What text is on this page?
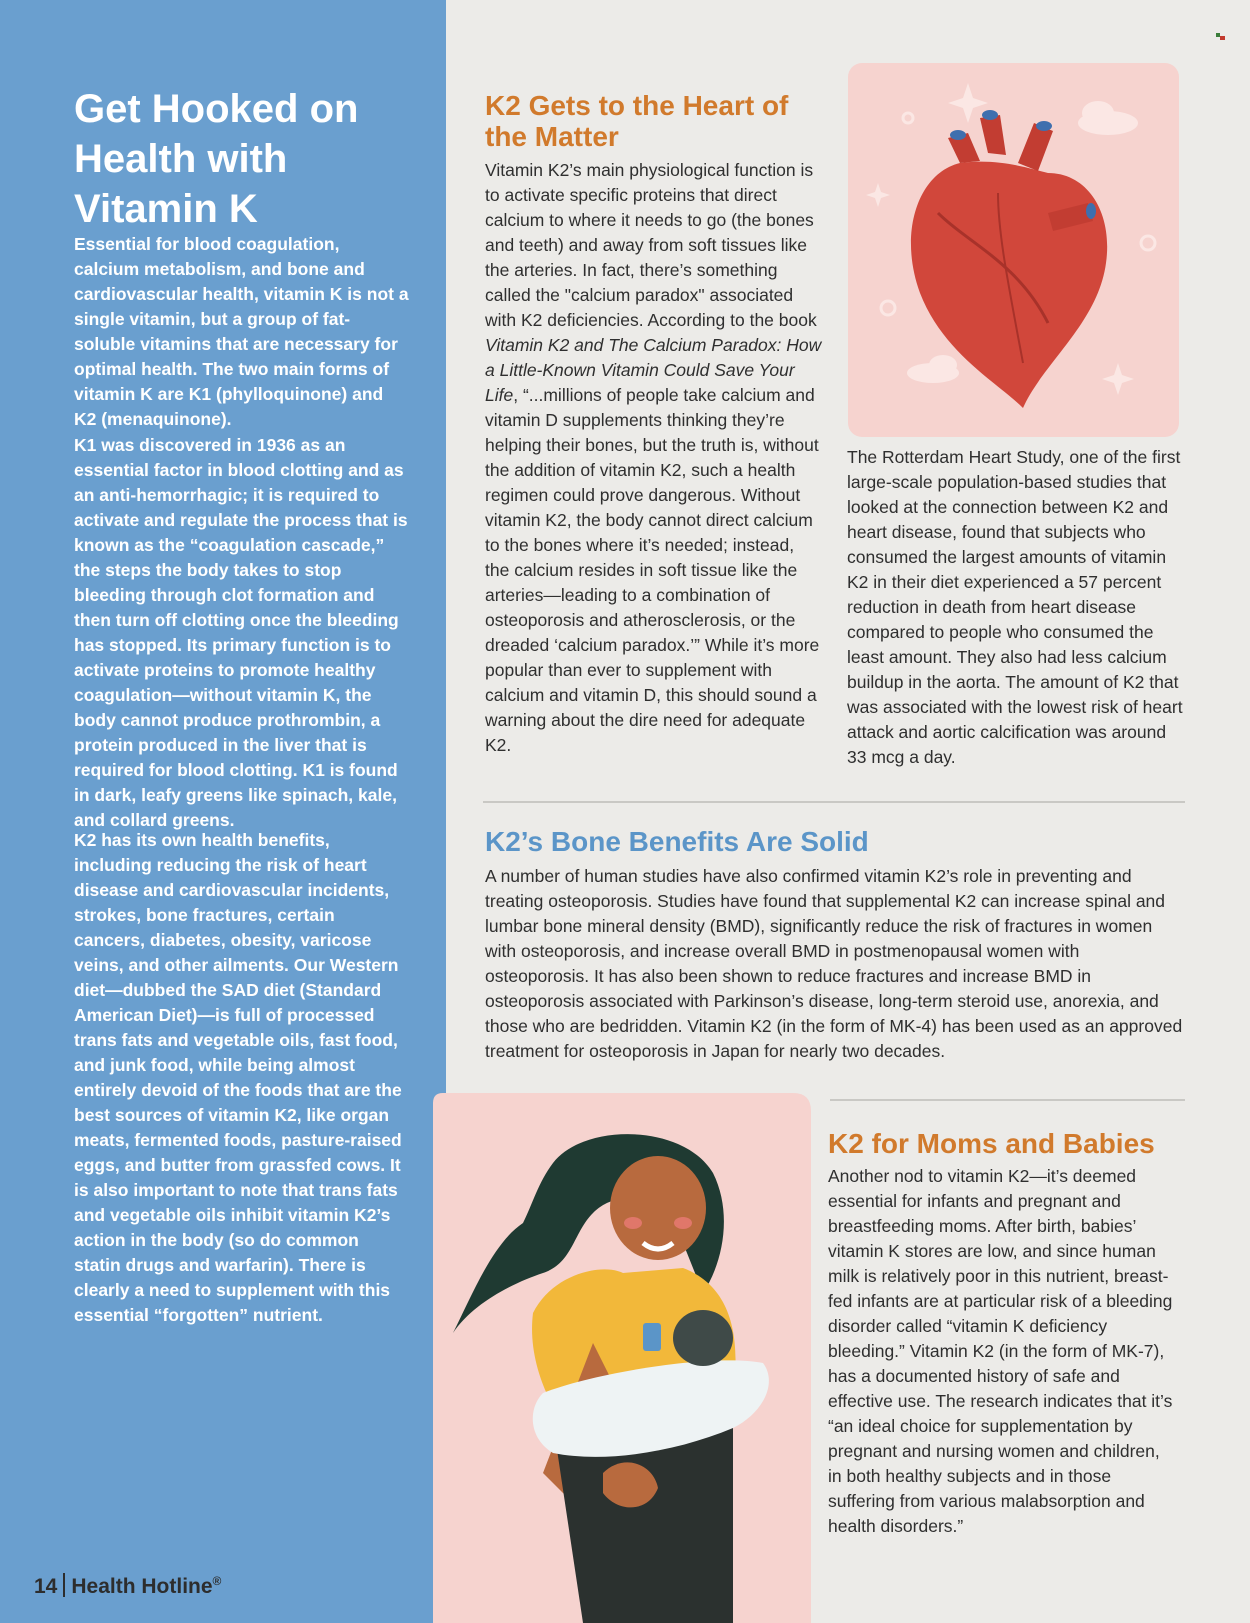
Get Hooked on Health with Vitamin K

Essential for blood coagulation, calcium metabolism, and bone and cardiovascular health, vitamin K is not a single vitamin, but a group of fat-soluble vitamins that are necessary for optimal health. The two main forms of vitamin K are K1 (phylloquinone) and K2 (menaquinone).

K1 was discovered in 1936 as an essential factor in blood clotting and as an anti-hemorrhagic; it is required to activate and regulate the process that is known as the “coagulation cascade,” the steps the body takes to stop bleeding through clot formation and then turn off clotting once the bleeding has stopped. Its primary function is to activate proteins to promote healthy coagulation—without vitamin K, the body cannot produce prothrombin, a protein produced in the liver that is required for blood clotting. K1 is found in dark, leafy greens like spinach, kale, and collard greens.

K2 has its own health benefits, including reducing the risk of heart disease and cardiovascular incidents, strokes, bone fractures, certain cancers, diabetes, obesity, varicose veins, and other ailments. Our Western diet—dubbed the SAD diet (Standard American Diet)—is full of processed trans fats and vegetable oils, fast food, and junk food, while being almost entirely devoid of the foods that are the best sources of vitamin K2, like organ meats, fermented foods, pasture-raised eggs, and butter from grassfed cows. It is also important to note that trans fats and vegetable oils inhibit vitamin K2’s action in the body (so do common statin drugs and warfarin). There is clearly a need to supplement with this essential “forgotten” nutrient.

K2 Gets to the Heart of the Matter

Vitamin K2’s main physiological function is to activate specific proteins that direct calcium to where it needs to go (the bones and teeth) and away from soft tissues like the arteries. In fact, there’s something called the "calcium paradox" associated with K2 deficiencies. According to the book Vitamin K2 and The Calcium Paradox: How a Little-Known Vitamin Could Save Your Life, “...millions of people take calcium and vitamin D supplements thinking they’re helping their bones, but the truth is, without the addition of vitamin K2, such a health regimen could prove dangerous. Without vitamin K2, the body cannot direct calcium to the bones where it’s needed; instead, the calcium resides in soft tissue like the arteries—leading to a combination of osteoporosis and atherosclerosis, or the dreaded ‘calcium paradox.’” While it’s more popular than ever to supplement with calcium and vitamin D, this should sound a warning about the dire need for adequate K2.

The Rotterdam Heart Study, one of the first large-scale population-based studies that looked at the connection between K2 and heart disease, found that subjects who consumed the largest amounts of vitamin K2 in their diet experienced a 57 percent reduction in death from heart disease compared to people who consumed the least amount. They also had less calcium buildup in the aorta. The amount of K2 that was associated with the lowest risk of heart attack and aortic calcification was around 33 mcg a day.

K2’s Bone Benefits Are Solid

A number of human studies have also confirmed vitamin K2’s role in preventing and treating osteoporosis. Studies have found that supplemental K2 can increase spinal and lumbar bone mineral density (BMD), significantly reduce the risk of fractures in women with osteoporosis, and increase overall BMD in postmenopausal women with osteoporosis. It has also been shown to reduce fractures and increase BMD in osteoporosis associated with Parkinson’s disease, long-term steroid use, anorexia, and those who are bedridden. Vitamin K2 (in the form of MK-4) has been used as an approved treatment for osteoporosis in Japan for nearly two decades.

K2 for Moms and Babies

Another nod to vitamin K2—it’s deemed essential for infants and pregnant and breastfeeding moms. After birth, babies’ vitamin K stores are low, and since human milk is relatively poor in this nutrient, breast-fed infants are at particular risk of a bleeding disorder called “vitamin K deficiency bleeding.” Vitamin K2 (in the form of MK-7), has a documented history of safe and effective use. The research indicates that it’s “an ideal choice for supplementation by pregnant and nursing women and children, in both healthy subjects and in those suffering from various malabsorption and health disorders.”

14 Health Hotline®
